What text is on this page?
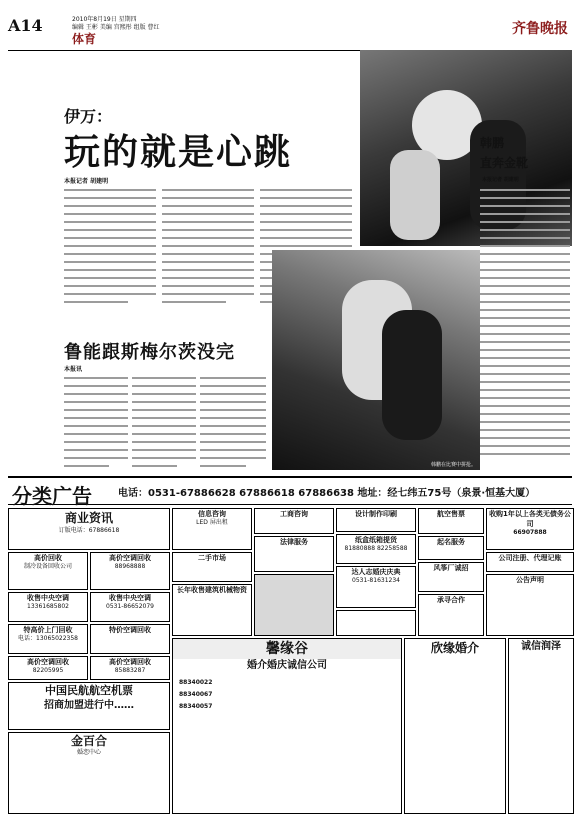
A14	2010年8月19日 星期四
编辑 王彬 美编 宫熙彤 组版 曹红
体育
齐鲁晚报
伊万：
玩的就是心跳
本报记者 胡建明
韩鹏
直奔金靴
本报记者 胡建明
韩鹏在比赛中拼抢。
鲁能跟斯梅尔茨没完
本报讯
分类广告	电话：0531-67886628 67886618 67886638 地址：经七纬五75号（泉景·恒基大厦）
商业资讯
订版电话：67886618
高价回收
制冷设备回收公司
高价空调回收
88968888
收售中央空调
13361685802
收售中央空调
0531-86652079
特高价上门回收
电话：13065022358
特价空调回收
高价空调回收
82205995
高价空调回收
85883287
中国民航航空机票
招商加盟进行中……
金百合
婚恋中心
信息咨询
LED 屏出租
二手市场
长年收售建筑机械物资
工商咨询
法律服务
设计制作印刷
纸盒纸箱提货
81880888 82258588
达人志婚庆庆典
0531-81631234
航空售票
起名服务
风筝厂诚招
承寻合作
收购1年以上各类无债务公司
66907888
公司注册、代理记账
公告声明
馨缘谷
婚介婚庆诚信公司
88340022
88340067
88340057
欣缘婚介	诚信润泽
